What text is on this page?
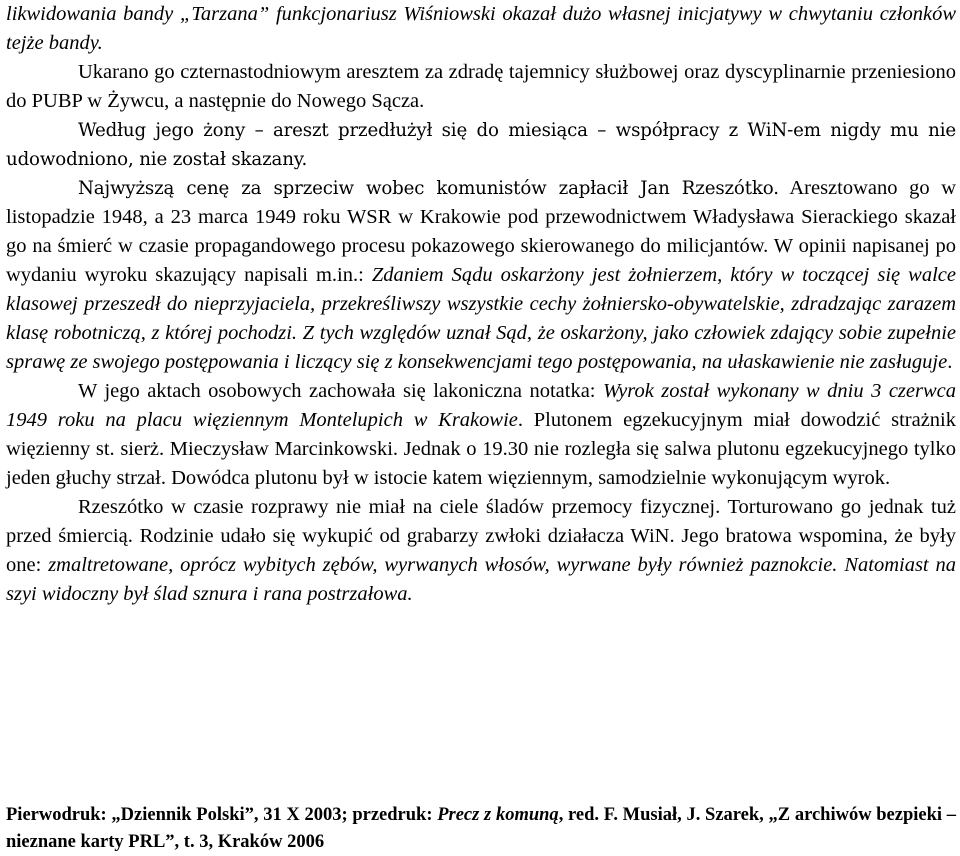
likwidowania bandy „Tarzana” funkcjonariusz Wiśniowski okazał dużo własnej inicjatywy w chwytaniu członków tejże bandy.

Ukarano go czternastodniowym aresztem za zdradę tajemnicy służbowej oraz dyscyplinarnie przeniesiono do PUBP w Żywcu, a następnie do Nowego Sącza.

Według jego żony – areszt przedłużył się do miesiąca – współpracy z WiN-em nigdy mu nie udowodniono, nie został skazany.

Najwyższą cenę za sprzeciw wobec komunistów zapłacił Jan Rzeszótko. Aresztowano go w listopadzie 1948, a 23 marca 1949 roku WSR w Krakowie pod przewodnictwem Władysława Sierackiego skazał go na śmierć w czasie propagandowego procesu pokazowego skierowanego do milicjantów. W opinii napisanej po wydaniu wyroku skazujący napisali m.in.: Zdaniem Sądu oskarżony jest żołnierzem, który w toczącej się walce klasowej przeszedł do nieprzyjaciela, przekreśliwszy wszystkie cechy żołniersko-obywatelskie, zdradzając zarazem klasę robotniczą, z której pochodzi. Z tych względów uznał Sąd, że oskarżony, jako człowiek zdający sobie zupełnie sprawę ze swojego postępowania i liczący się z konsekwencjami tego postępowania, na ułaskawienie nie zasługuje.

W jego aktach osobowych zachowała się lakoniczna notatka: Wyrok został wykonany w dniu 3 czerwca 1949 roku na placu więziennym Montelupich w Krakowie. Plutonem egzekucyjnym miał dowodzić strażnik więzienny st. sierż. Mieczysław Marcinkowski. Jednak o 19.30 nie rozległa się salwa plutonu egzekucyjnego tylko jeden głuchy strzał. Dowódca plutonu był w istocie katem więziennym, samodzielnie wykonującym wyrok.

Rzeszótko w czasie rozprawy nie miał na ciele śladów przemocy fizycznej. Torturowano go jednak tuż przed śmiercią. Rodzinie udało się wykupić od grabarzy zwłoki działacza WiN. Jego bratowa wspomina, że były one: zmaltretowane, oprócz wybitych zębów, wyrwanych włosów, wyrwane były również paznokcie. Natomiast na szyi widoczny był ślad sznura i rana postrzałowa.

Pierwodruk: „Dziennik Polski”, 31 X 2003; przedruk: Precz z komuną, red. F. Musiał, J. Szarek, „Z archiwów bezpieki – nieznane karty PRL”, t. 3, Kraków 2006
